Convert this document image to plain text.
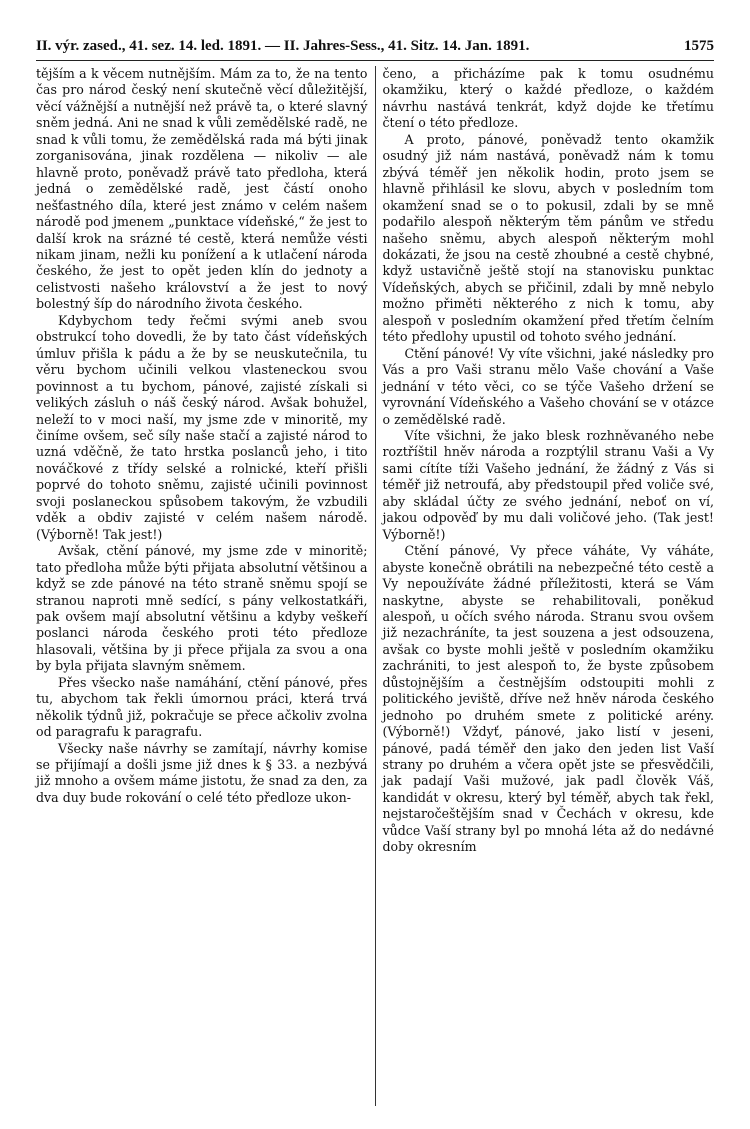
II. výr. zased., 41. sez. 14. led. 1891. — II. Jahres-Sess., 41. Sitz. 14. Jan. 1891.	1575

tějším a k věcem nutnějším. Mám za to, že na tento čas pro národ český není skutečně věcí důležitější, věcí vážnější a nutnější než právě ta, o které slavný sněm jedná. Ani ne snad k vůli zemědělské radě, ne snad k vůli tomu, že zemědělská rada má býti jinak zorganisována, jinak rozdělena — nikoliv — ale hlavně proto, poněvadž právě tato předloha, která jedná o zemědělské radě, jest částí onoho nešťastného díla, které jest známo v celém našem národě pod jmenem „punktace vídeňské,“ že jest to další krok na srázné té cestě, která nemůže vésti nikam jinam, nežli ku ponížení a k utlačení národa českého, že jest to opět jeden klín do jednoty a celistvosti našeho království a že jest to nový bolestný šíp do národního života českého.

Kdybychom tedy řečmi svými aneb svou obstrukcí toho dovedli, že by tato část vídeňských úmluv přišla k pádu a že by se neuskutečnila, tu věru bychom učinili velkou vlasteneckou svou povinnost a tu bychom, pánové, zajisté získali si velikých zásluh o náš český národ. Avšak bohužel, neleží to v moci naší, my jsme zde v minoritě, my činíme ovšem, seč síly naše stačí a zajisté národ to uzná vděčně, že tato hrstka poslanců jeho, i tito nováčkové z třídy selské a rolnické, kteří přišli poprvé do tohoto sněmu, zajisté učinili povinnost svoji poslaneckou spůsobem takovým, že vzbudili vděk a obdiv zajisté v celém našem národě. (Výborně! Tak jest!)

Avšak, ctění pánové, my jsme zde v minoritě; tato předloha může býti přijata absolutní většinou a když se zde pánové na této straně sněmu spojí se stranou naproti mně sedící, s pány velkostatkáři, pak ovšem mají absolutní většinu a kdyby veškeří poslanci národa českého proti této předloze hlasovali, většina by ji přece přijala za svou a ona by byla přijata slavným sněmem.

Přes všecko naše namáhání, ctění pánové, přes tu, abychom tak řekli úmornou práci, která trvá několik týdnů již, pokračuje se přece ačkoliv zvolna od paragrafu k paragrafu.

Všecky naše návrhy se zamítají, návrhy komise se přijímají a došli jsme již dnes k § 33. a nezbývá již mnoho a ovšem máme jistotu, že snad za den, za dva duy bude rokování o celé této předloze ukon-

čeno, a přicházíme pak k tomu osudnému okamžiku, který o každé předloze, o každém návrhu nastává tenkrát, když dojde ke třetímu čtení o této předloze.

A proto, pánové, poněvadž tento okamžik osudný již nám nastává, poněvadž nám k tomu zbývá téměř jen několik hodin, proto jsem se hlavně přihlásil ke slovu, abych v posledním tom okamžení snad se o to pokusil, zdali by se mně podařilo alespoň některým těm pánům ve středu našeho sněmu, abych alespoň některým mohl dokázati, že jsou na cestě zhoubné a cestě chybné, když ustavičně ještě stojí na stanovisku punktac Vídeňských, abych se přičinil, zdali by mně nebylo možno přiměti některého z nich k tomu, aby alespoň v posledním okamžení před třetím čelním této předlohy upustil od tohoto svého jednání.

Ctění pánové! Vy víte všichni, jaké následky pro Vás a pro Vaši stranu mělo Vaše chování a Vaše jednání v této věci, co se týče Vašeho držení se vyrovnání Vídeňského a Vašeho chování se v otázce o zemědělské radě.

Víte všichni, že jako blesk rozhněvaného nebe roztříštil hněv národa a rozptýlil stranu Vaši a Vy sami cítíte tíži Vašeho jednání, že žádný z Vás si téměř již netroufá, aby předstoupil před voliče své, aby skládal účty ze svého jednání, neboť on ví, jakou odpověď by mu dali voličové jeho. (Tak jest! Výborně!)

Ctění pánové, Vy přece váháte, Vy váháte, abyste konečně obrátili na nebezpečné této cestě a Vy nepoužíváte žádné příležitosti, která se Vám naskytne, abyste se rehabilitovali, poněkud alespoň, u očích svého národa. Stranu svou ovšem již nezachráníte, ta jest souzena a jest odsouzena, avšak co byste mohli ještě v posledním okamžiku zachrániti, to jest alespoň to, že byste způsobem důstojnějším a čestnějším odstoupiti mohli z politického jeviště, dříve než hněv národa českého jednoho po druhém smete z politické arény. (Výborně!) Vždyť, pánové, jako listí v jeseni, pánové, padá téměř den jako den jeden list Vaší strany po druhém a včera opět jste se přesvědčili, jak padají Vaši mužové, jak padl člověk Váš, kandidát v okresu, který byl téměř, abych tak řekl, nejstaročeštějším snad v Čechách v okresu, kde vůdce Vaší strany byl po mnohá léta až do nedávné doby okresním
